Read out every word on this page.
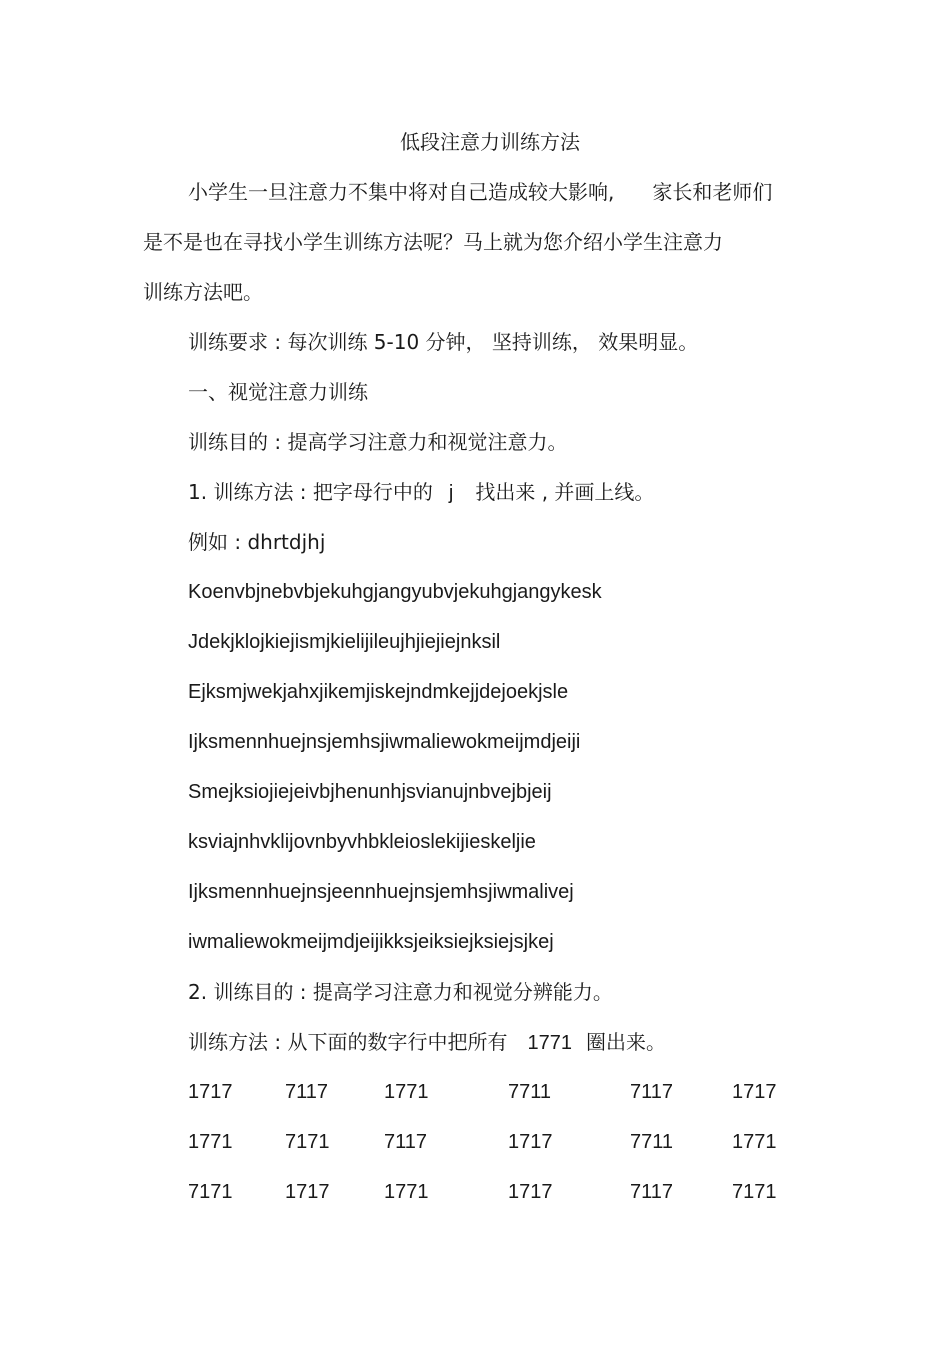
低段注意力训练方法
小学生一旦注意力不集中将对自己造成较大影响, 家长和老师们
是不是也在寻找小学生训练方法呢？马上就为您介绍小学生注意力
训练方法吧。
训练要求 : 每次训练 5-10 分钟， 坚持训练， 效果明显。
一、视觉注意力训练
训练目的 : 提高学习注意力和视觉注意力。
1. 训练方法 : 把字母行中的 j 找出来 , 并画上线。
例如 : dhrtdjhj
Koenvbjnebvbjekuhgjangyubvjekuhgjangykesk
Jdekjklojkiejismjkielijileujhjiejiejnksil
Ejksmjwekjahxjikemjiskejndmkejjdejoekjsle
Ijksmennhuejnsjemhsjiwmaliewokmeijmdjeiji
Smejksiojiejeivbjhenunhjsvianujnbvejbjeij
ksviajnhvklijovnbyvhbkleioslekijieskeljie
Ijksmennhuejnsjeennhuejnsjemhsjiwmalivej
iwmaliewokmeijmdjeijikksjeiksiejksiejsjkej
2. 训练目的 : 提高学习注意力和视觉分辨能力。
训练方法 : 从下面的数字行中把所有 1771 圈出来。
1717	7117	1771	7711	7117	1717
1771	7171	7117	1717	7711	1771
7171	1717	1771	1717	7117	7171
